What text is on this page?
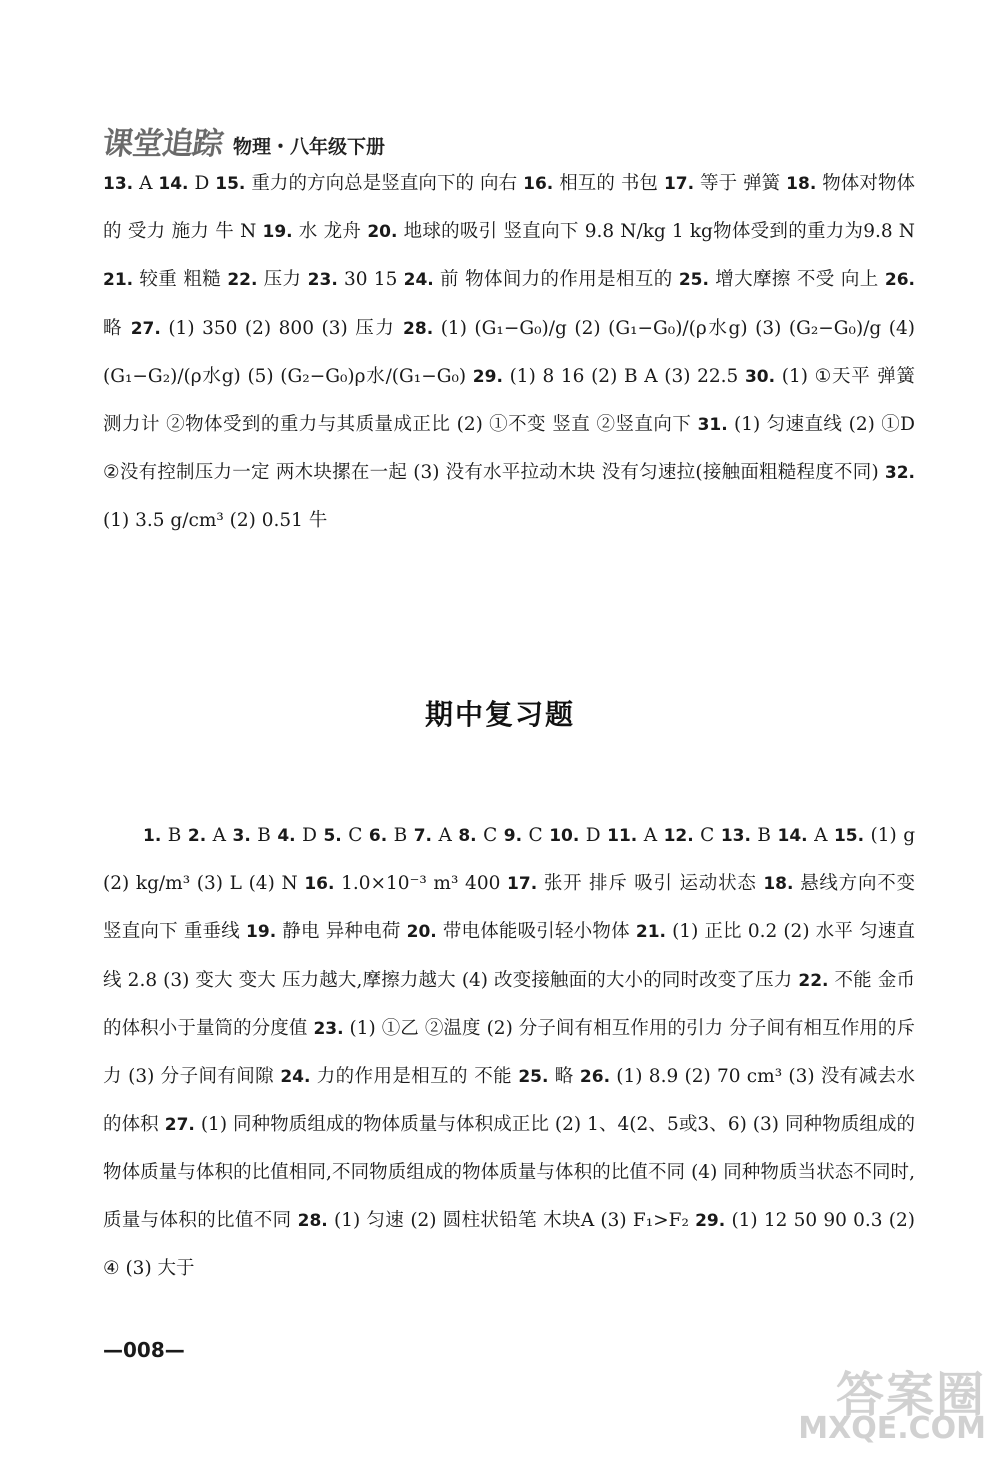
课堂追踪 物理・八年级下册
13. A 14. D 15. 重力的方向总是竖直向下的 向右 16. 相互的 书包 17. 等于 弹簧 18. 物体对物体的 受力 施力 牛 N 19. 水 龙舟 20. 地球的吸引 竖直向下 9.8 N/kg 1 kg物体受到的重力为9.8 N 21. 较重 粗糙 22. 压力 23. 30 15 24. 前 物体间力的作用是相互的 25. 增大摩擦 不受 向上 26. 略 27. (1) 350 (2) 800 (3) 压力 28. (1) (G₁−G₀)/g (2) (G₁−G₀)/(ρ水g) (3) (G₂−G₀)/g (4) (G₁−G₂)/(ρ水g) (5) (G₂−G₀)ρ水/(G₁−G₀) 29. (1) 8 16 (2) B A (3) 22.5 30. (1) ①天平 弹簧测力计 ②物体受到的重力与其质量成正比 (2) ①不变 竖直 ②竖直向下 31. (1) 匀速直线 (2) ①D ②没有控制压力一定 两木块摞在一起 (3) 没有水平拉动木块 没有匀速拉(接触面粗糙程度不同) 32. (1) 3.5 g/cm³ (2) 0.51 牛
期中复习题
1. B 2. A 3. B 4. D 5. C 6. B 7. A 8. C 9. C 10. D 11. A 12. C 13. B 14. A 15. (1) g (2) kg/m³ (3) L (4) N 16. 1.0×10⁻³ m³ 400 17. 张开 排斥 吸引 运动状态 18. 悬线方向不变 竖直向下 重垂线 19. 静电 异种电荷 20. 带电体能吸引轻小物体 21. (1) 正比 0.2 (2) 水平 匀速直线 2.8 (3) 变大 变大 压力越大,摩擦力越大 (4) 改变接触面的大小的同时改变了压力 22. 不能 金币的体积小于量筒的分度值 23. (1) ①乙 ②温度 (2) 分子间有相互作用的引力 分子间有相互作用的斥力 (3) 分子间有间隙 24. 力的作用是相互的 不能 25. 略 26. (1) 8.9 (2) 70 cm³ (3) 没有减去水的体积 27. (1) 同种物质组成的物体质量与体积成正比 (2) 1、4(2、5或3、6) (3) 同种物质组成的物体质量与体积的比值相同,不同物质组成的物体质量与体积的比值不同 (4) 同种物质当状态不同时,质量与体积的比值不同 28. (1) 匀速 (2) 圆柱状铅笔 木块A (3) F₁>F₂ 29. (1) 12 50 90 0.3 (2) ④ (3) 大于
—008—
答案圈
MXQE.COM
